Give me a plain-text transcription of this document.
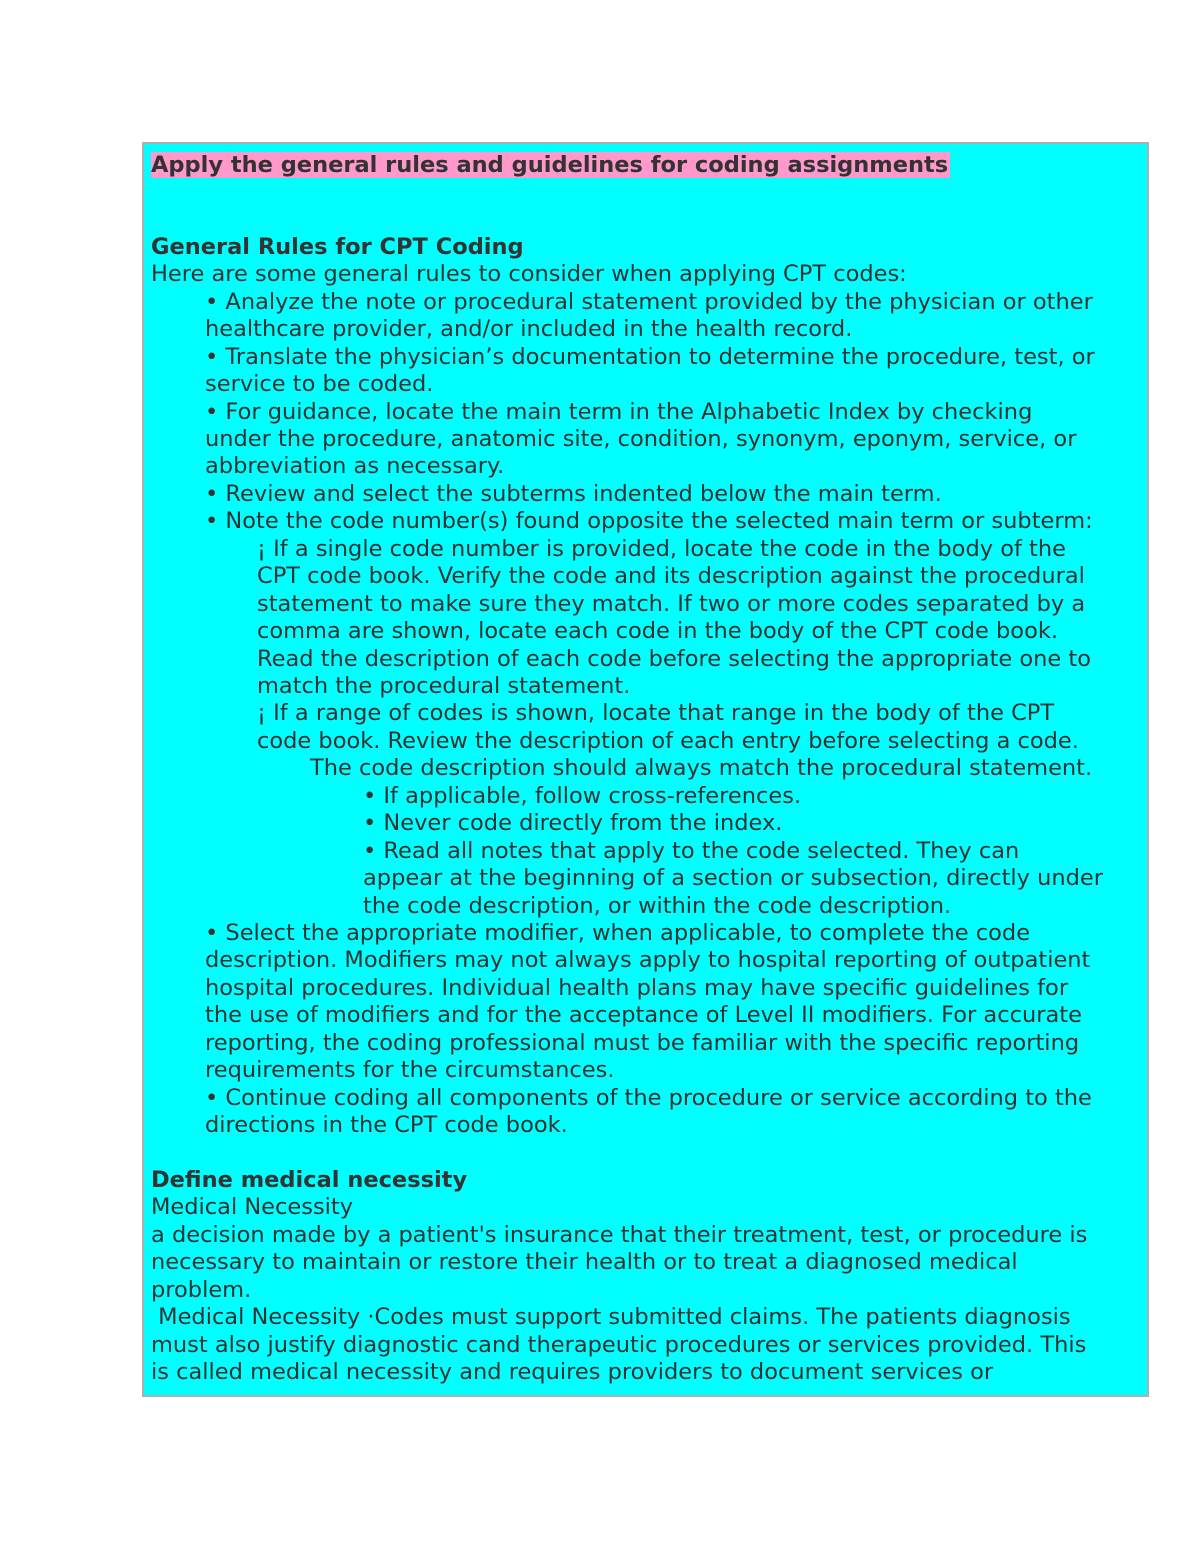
Apply the general rules and guidelines for coding assignments
General Rules for CPT Coding
Here are some general rules to consider when applying CPT codes:
• Analyze the note or procedural statement provided by the physician or other
healthcare provider, and/or included in the health record.
• Translate the physician’s documentation to determine the procedure, test, or
service to be coded.
• For guidance, locate the main term in the Alphabetic Index by checking
under the procedure, anatomic site, condition, synonym, eponym, service, or
abbreviation as necessary.
• Review and select the subterms indented below the main term.
• Note the code number(s) found opposite the selected main term or subterm:
¡ If a single code number is provided, locate the code in the body of the
CPT code book. Verify the code and its description against the procedural
statement to make sure they match. If two or more codes separated by a
comma are shown, locate each code in the body of the CPT code book.
Read the description of each code before selecting the appropriate one to
match the procedural statement.
¡ If a range of codes is shown, locate that range in the body of the CPT
code book. Review the description of each entry before selecting a code.
The code description should always match the procedural statement.
• If applicable, follow cross-references.
• Never code directly from the index.
• Read all notes that apply to the code selected. They can
appear at the beginning of a section or subsection, directly under
the code description, or within the code description.
• Select the appropriate modifier, when applicable, to complete the code
description. Modifiers may not always apply to hospital reporting of outpatient
hospital procedures. Individual health plans may have specific guidelines for
the use of modifiers and for the acceptance of Level II modifiers. For accurate
reporting, the coding professional must be familiar with the specific reporting
requirements for the circumstances.
• Continue coding all components of the procedure or service according to the
directions in the CPT code book.
Define medical necessity
Medical Necessity
a decision made by a patient's insurance that their treatment, test, or procedure is
necessary to maintain or restore their health or to treat a diagnosed medical
problem.
Medical Necessity ·Codes must support submitted claims. The patients diagnosis
must also justify diagnostic cand therapeutic procedures or services provided. This
is called medical necessity and requires providers to document services or
